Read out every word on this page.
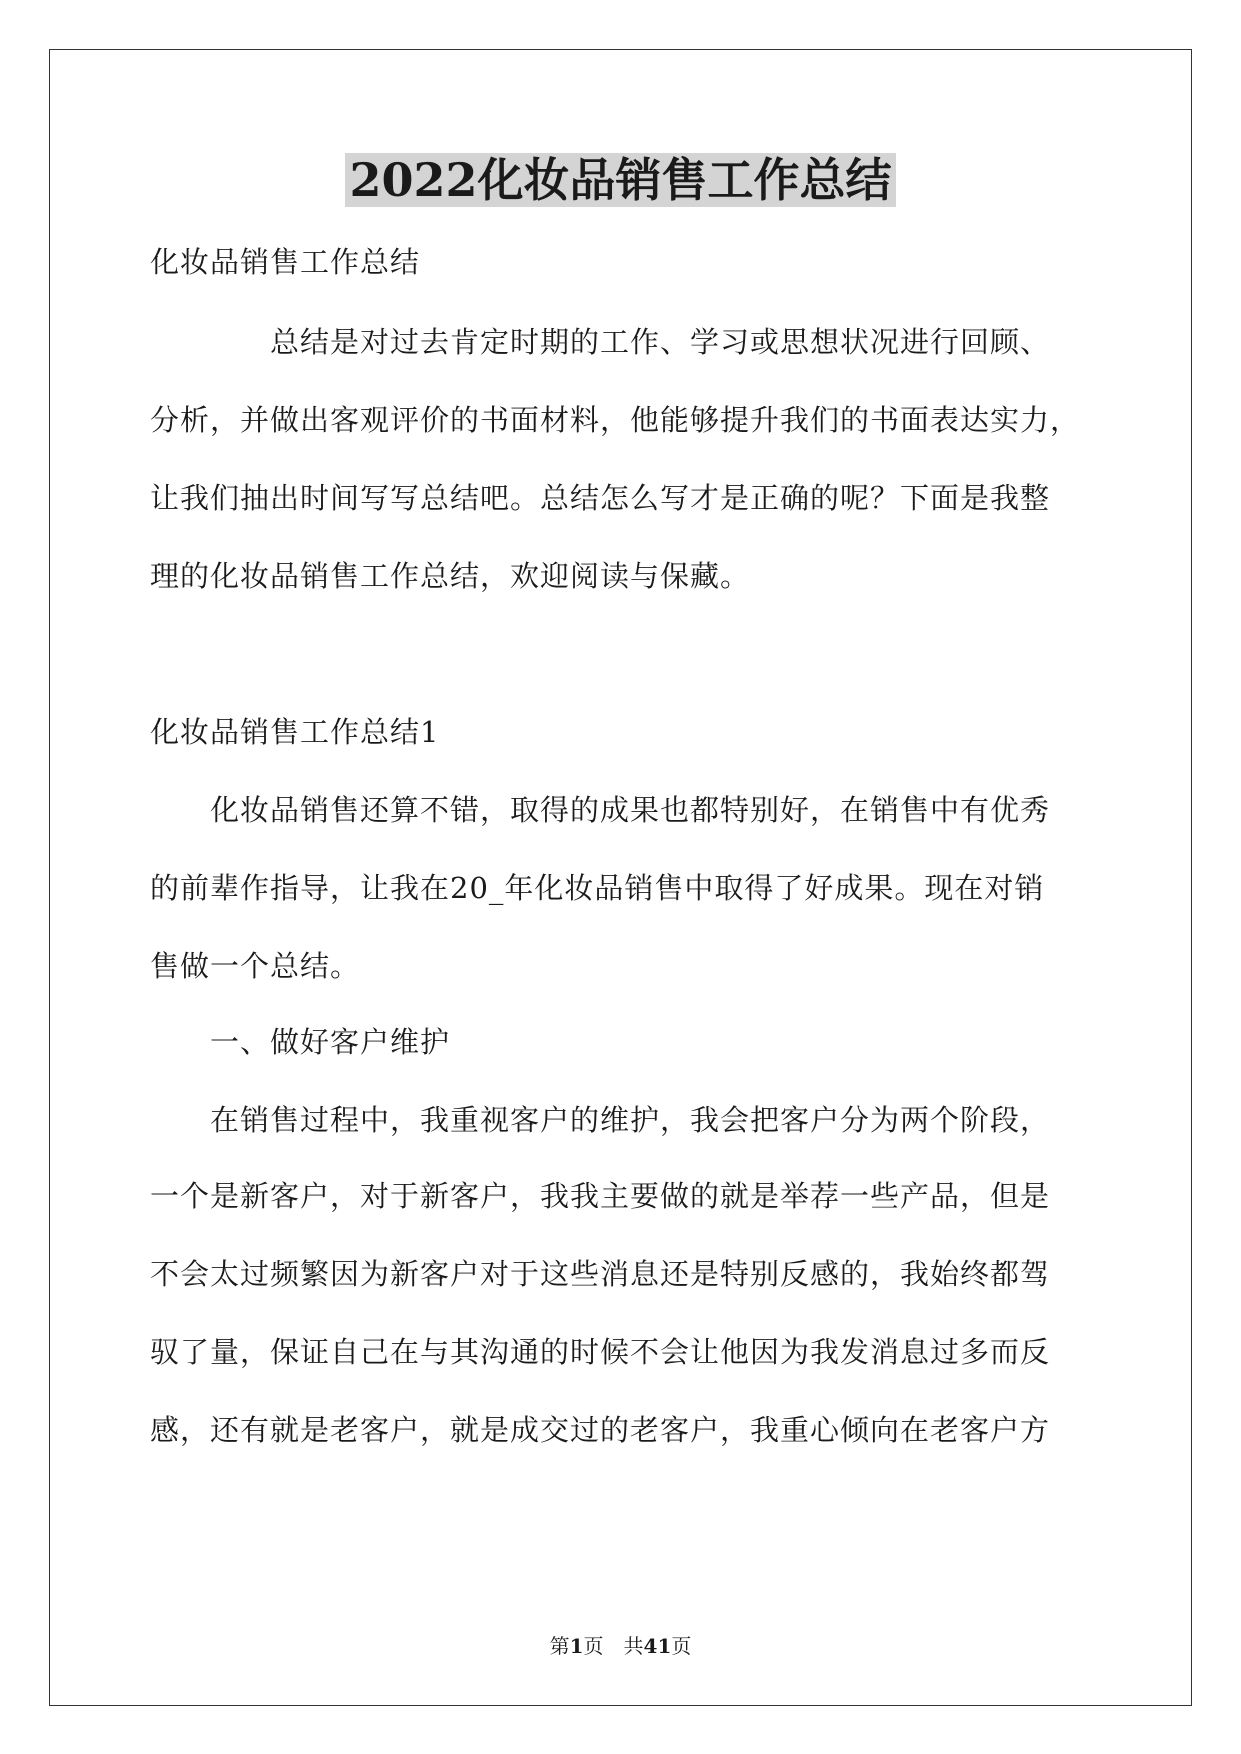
2022化妆品销售工作总结
化妆品销售工作总结
　　　　总结是对过去肯定时期的工作、学习或思想状况进行回顾、
分析，并做出客观评价的书面材料，他能够提升我们的书面表达实力，
让我们抽出时间写写总结吧。总结怎么写才是正确的呢？下面是我整
理的化妆品销售工作总结，欢迎阅读与保藏。
化妆品销售工作总结1
　　化妆品销售还算不错，取得的成果也都特别好，在销售中有优秀
的前辈作指导，让我在20_年化妆品销售中取得了好成果。现在对销
售做一个总结。
　　一、做好客户维护
　　在销售过程中，我重视客户的维护，我会把客户分为两个阶段，
一个是新客户，对于新客户，我我主要做的就是举荐一些产品，但是
不会太过频繁因为新客户对于这些消息还是特别反感的，我始终都驾
驭了量，保证自己在与其沟通的时候不会让他因为我发消息过多而反
感，还有就是老客户，就是成交过的老客户，我重心倾向在老客户方
第1页　共41页
